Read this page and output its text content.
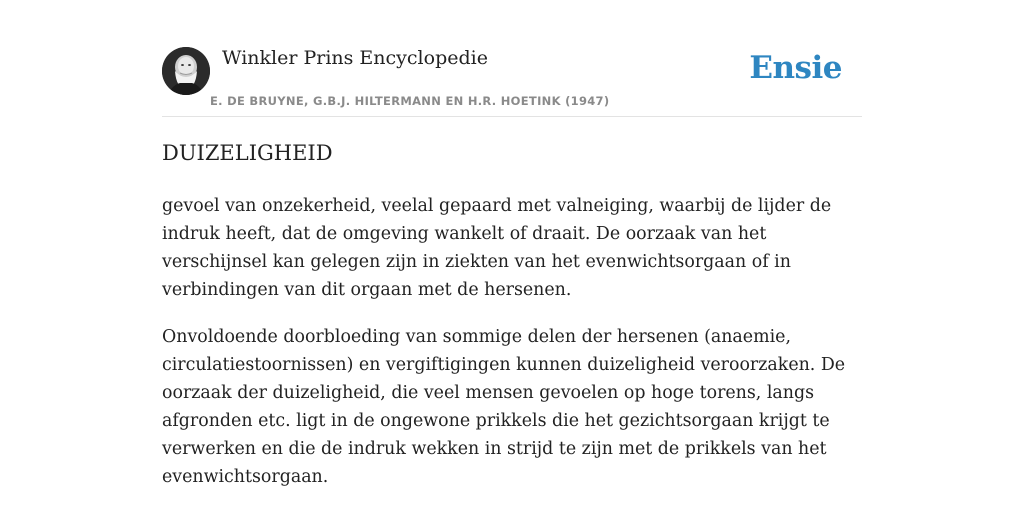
Winkler Prins Encyclopedie
E. DE BRUYNE, G.B.J. HILTERMANN EN H.R. HOETINK (1947)
Ensie
DUIZELIGHEID

gevoel van onzekerheid, veelal gepaard met valneiging, waarbij de lijder de indruk heeft, dat de omgeving wankelt of draait. De oorzaak van het verschijnsel kan gelegen zijn in ziekten van het evenwichtsorgaan of in verbindingen van dit orgaan met de hersenen.

Onvoldoende doorbloeding van sommige delen der hersenen (anaemie, circulatiestoornissen) en vergiftigingen kunnen duizeligheid veroorzaken. De oorzaak der duizeligheid, die veel mensen gevoelen op hoge torens, langs afgronden etc. ligt in de ongewone prikkels die het gezichtsorgaan krijgt te verwerken en die de indruk wekken in strijd te zijn met de prikkels van het evenwichtsorgaan.
